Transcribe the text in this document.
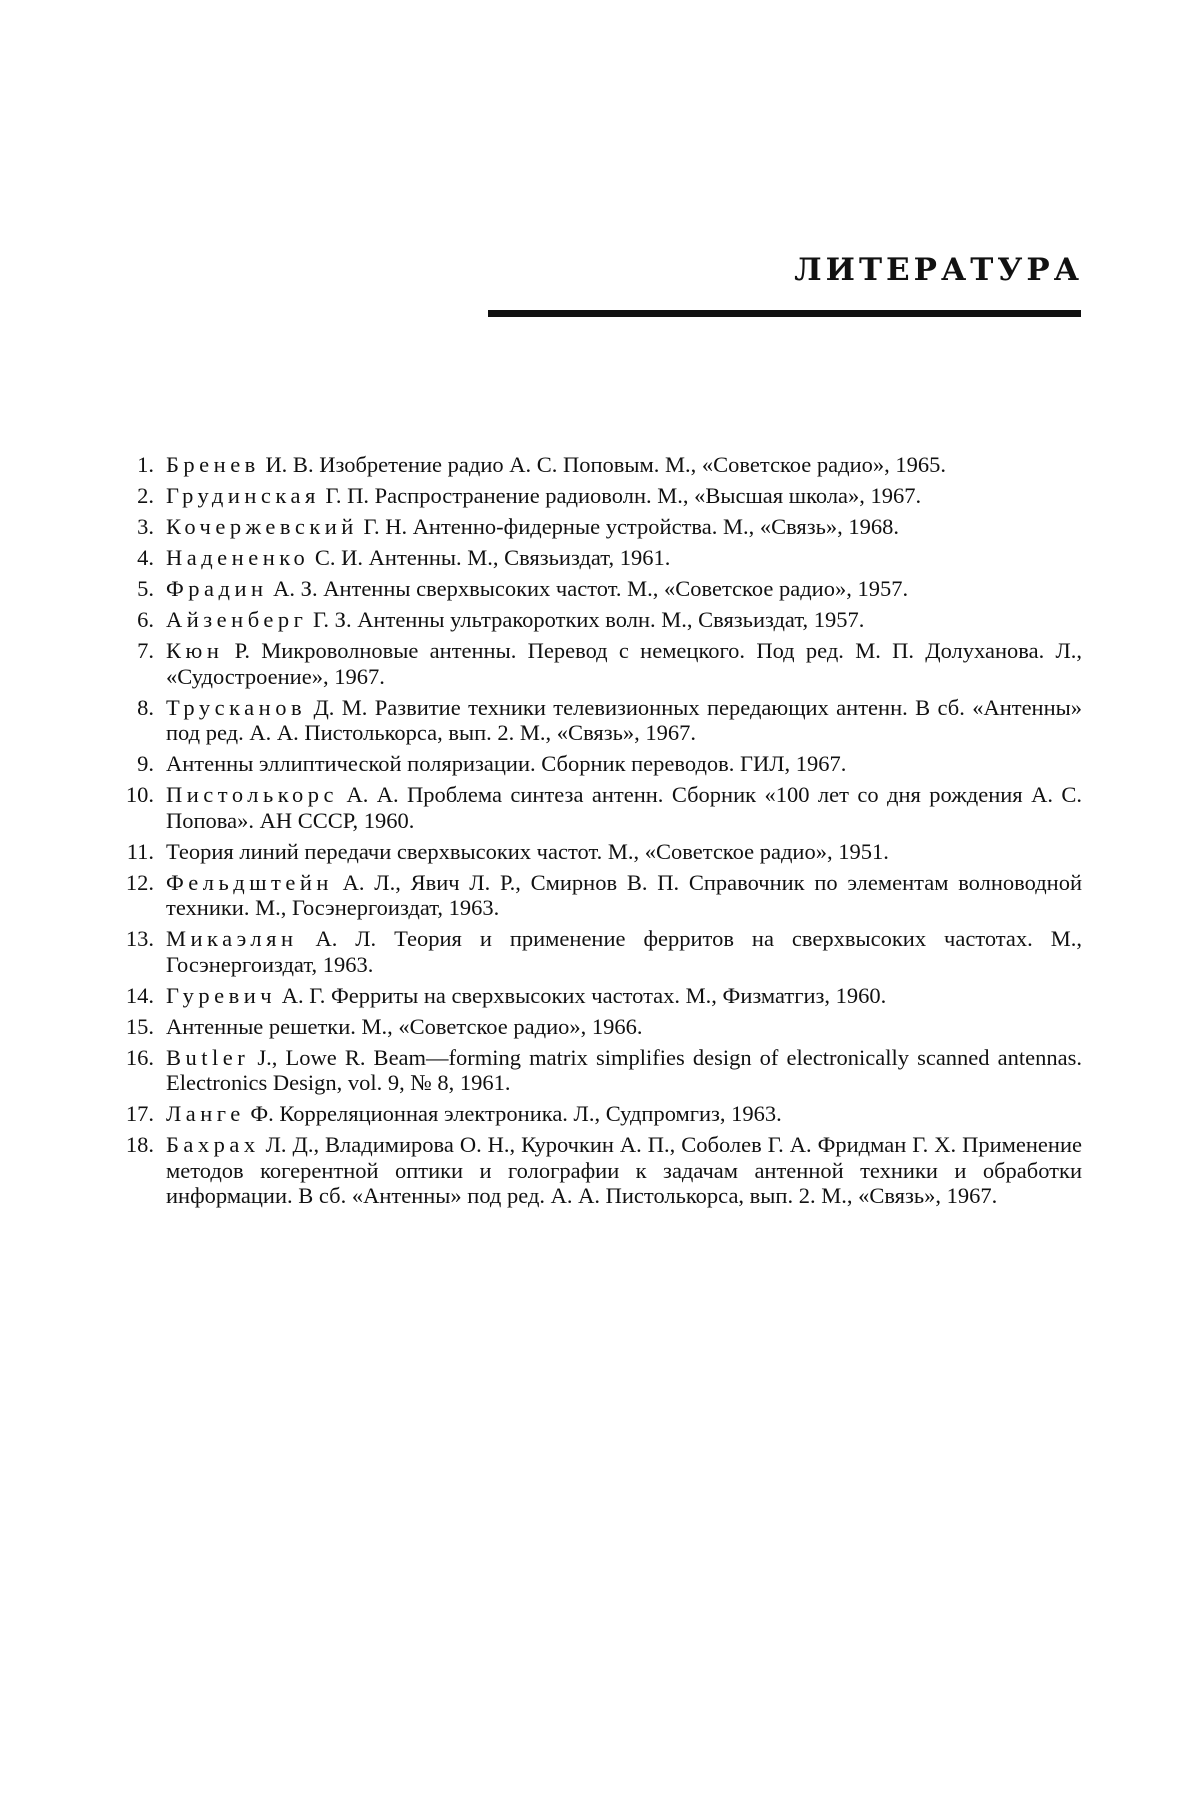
ЛИТЕРАТУРА
1. Бренев И. В. Изобретение радио А. С. Поповым. М., «Советское радио», 1965.
2. Грудинская Г. П. Распространение радиоволн. М., «Высшая школа», 1967.
3. Кочержевский Г. Н. Антенно-фидерные устройства. М., «Связь», 1968.
4. Надененко С. И. Антенны. М., Связьиздат, 1961.
5. Фрадин А. З. Антенны сверхвысоких частот. М., «Советское радио», 1957.
6. Айзенберг Г. З. Антенны ультракоротких волн. М., Связьиздат, 1957.
7. Кюн Р. Микроволновые антенны. Перевод с немецкого. Под ред. М. П. Долуханова. Л., «Судостроение», 1967.
8. Трусканов Д. М. Развитие техники телевизионных передающих антенн. В сб. «Антенны» под ред. А. А. Пистолькорса, вып. 2. М., «Связь», 1967.
9. Антенны эллиптической поляризации. Сборник переводов. ГИЛ, 1967.
10. Пистолькорс А. А. Проблема синтеза антенн. Сборник «100 лет со дня рождения А. С. Попова». АН СССР, 1960.
11. Теория линий передачи сверхвысоких частот. М., «Советское радио», 1951.
12. Фельдштейн А. Л., Явич Л. Р., Смирнов В. П. Справочник по элементам волноводной техники. М., Госэнергоиздат, 1963.
13. Микаэлян А. Л. Теория и применение ферритов на сверхвысоких частотах. М., Госэнергоиздат, 1963.
14. Гуревич А. Г. Ферриты на сверхвысоких частотах. М., Физматгиз, 1960.
15. Антенные решетки. М., «Советское радио», 1966.
16. Butler J., Lowe R. Beam—forming matrix simplifies design of electronically scanned antennas. Electronics Design, vol. 9, № 8, 1961.
17. Ланге Ф. Корреляционная электроника. Л., Судпромгиз, 1963.
18. Бахрах Л. Д., Владимирова О. Н., Курочкин А. П., Соболев Г. А. Фридман Г. Х. Применение методов когерентной оптики и голографии к задачам антенной техники и обработки информации. В сб. «Антенны» под ред. А. А. Пистолькорса, вып. 2. М., «Связь», 1967.
